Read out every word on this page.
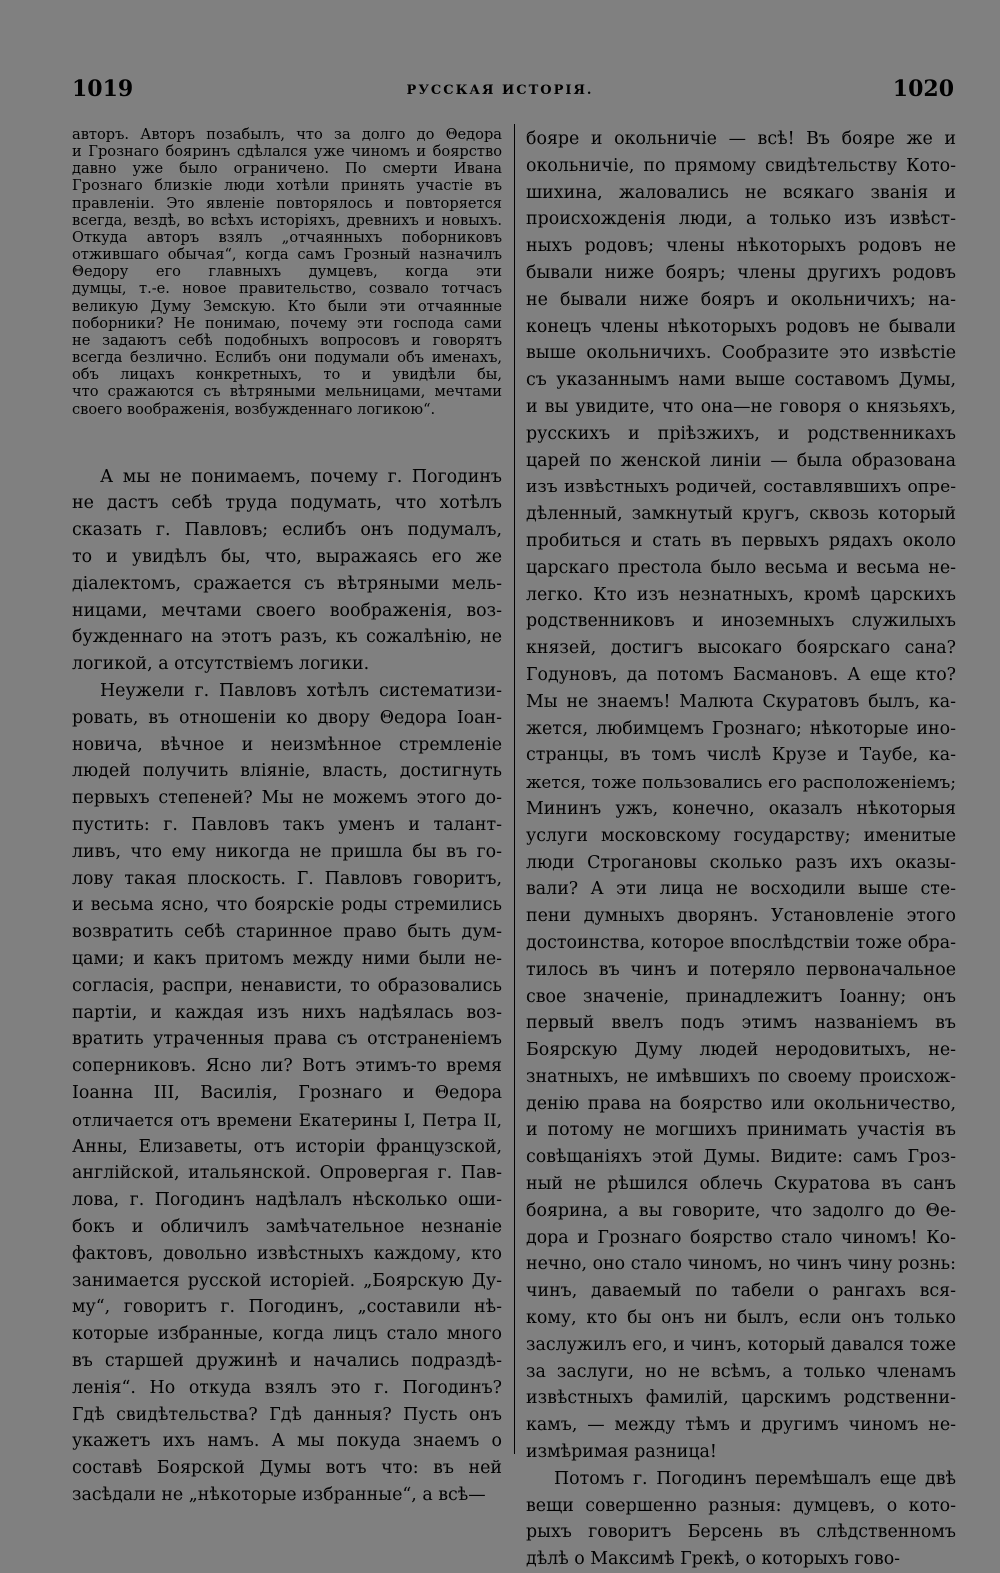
1019	РУССКАЯ ИСТОРІЯ.	1020
авторъ. Авторъ позабылъ, что за долго до Θедора
и Грознаго бояринъ сдѣлался уже чиномъ и боярство давно уже было ограничено. По смерти Ивана
Грознаго близкіе люди хотѣли принять участіе въ
правленіи. Это явленіе повторялось и повторяется
всегда, вездѣ, во всѣхъ исторіяхъ, древнихъ и новыхъ. Откуда авторъ взялъ „отчаянныхъ поборниковъ отжившаго обычая“, когда самъ Грозный назначилъ Θедору его главныхъ думцевъ, когда эти
думцы, т.-е. новое правительство, созвало тотчасъ
великую Думу Земскую. Кто были эти отчаянные
поборники? Не понимаю, почему эти господа сами
не задаютъ себѣ подобныхъ вопросовъ и говорятъ
всегда безлично. Еслибъ они подумали объ именахъ, объ лицахъ конкретныхъ, то и увидѣли бы,
что сражаются съ вѣтряными мельницами, мечтами своего воображенія, возбужденнаго логикою“.
А мы не понимаемъ, почему г. Погодинъ
не дастъ себѣ труда подумать, что хотѣлъ
сказать г. Павловъ; еслибъ онъ подумалъ,
то и увидѣлъ бы, что, выражаясь его же
діалектомъ, сражается съ вѣтряными мель-
ницами, мечтами своего воображенія, воз-
бужденнаго на этотъ разъ, къ сожалѣнію, не
логикой, а отсутствіемъ логики.
Неужели г. Павловъ хотѣлъ систематизи-
ровать, въ отношеніи ко двору Θедора Іоан-
новича, вѣчное и неизмѣнное стремленіе
людей получить вліяніе, власть, достигнуть
первыхъ степеней? Мы не можемъ этого до-
пустить: г. Павловъ такъ уменъ и талант-
ливъ, что ему никогда не пришла бы въ го-
лову такая плоскость. Г. Павловъ говоритъ,
и весьма ясно, что боярскіе роды стремились
возвратить себѣ старинное право быть дум-
цами; и какъ притомъ между ними были не-
согласія, распри, ненависти, то образовались
партіи, и каждая изъ нихъ надѣялась воз-
вратить утраченныя права съ отстраненіемъ
соперниковъ. Ясно ли? Вотъ этимъ-то время
Іоанна III, Василія, Грознаго и Θедора
отличается отъ времени Екатерины I, Петра II,
Анны, Елизаветы, отъ исторіи французской,
англійской, итальянской. Опровергая г. Пав-
лова, г. Погодинъ надѣлалъ нѣсколько оши-
бокъ и обличилъ замѣчательное незнаніе
фактовъ, довольно извѣстныхъ каждому, кто
занимается русской исторіей. „Боярскую Ду-
му“, говоритъ г. Погодинъ, „составили нѣ-
которые избранные, когда лицъ стало много
въ старшей дружинѣ и начались подраздѣ-
ленія“. Но откуда взялъ это г. Погодинъ?
Гдѣ свидѣтельства? Гдѣ данныя? Пусть онъ
укажетъ ихъ намъ. А мы покуда знаемъ о
составѣ Боярской Думы вотъ что: въ ней
засѣдали не „нѣкоторые избранные“, а всѣ—
бояре и окольничіе — всѣ! Въ бояре же и
окольничіе, по прямому свидѣтельству Кото-
шихина, жаловались не всякаго званія и
происхожденія люди, а только изъ извѣст-
ныхъ родовъ; члены нѣкоторыхъ родовъ не
бывали ниже бояръ; члены другихъ родовъ
не бывали ниже бояръ и окольничихъ; на-
конецъ члены нѣкоторыхъ родовъ не бывали
выше окольничихъ. Сообразите это извѣстіе
съ указаннымъ нами выше составомъ Думы,
и вы увидите, что она—не говоря о князьяхъ,
русскихъ и пріѣзжихъ, и родственникахъ
царей по женской линіи — была образована
изъ извѣстныхъ родичей, составлявшихъ опре-
дѣленный, замкнутый кругъ, сквозь который
пробиться и стать въ первыхъ рядахъ около
царскаго престола было весьма и весьма не-
легко. Кто изъ незнатныхъ, кромѣ царскихъ
родственниковъ и иноземныхъ служилыхъ
князей, достигъ высокаго боярскаго сана?
Годуновъ, да потомъ Басмановъ. А еще кто?
Мы не знаемъ! Малюта Скуратовъ былъ, ка-
жется, любимцемъ Грознаго; нѣкоторые ино-
странцы, въ томъ числѣ Крузе и Таубе, ка-
жется, тоже пользовались его расположеніемъ;
Мининъ ужъ, конечно, оказалъ нѣкоторыя
услуги московскому государству; именитые
люди Строгановы сколько разъ ихъ оказы-
вали? А эти лица не восходили выше сте-
пени думныхъ дворянъ. Установленіе этого
достоинства, которое впослѣдствіи тоже обра-
тилось въ чинъ и потеряло первоначальное
свое значеніе, принадлежитъ Іоанну; онъ
первый ввелъ подъ этимъ названіемъ въ
Боярскую Думу людей неродовитыхъ, не-
знатныхъ, не имѣвшихъ по своему происхож-
денію права на боярство или окольничество,
и потому не могшихъ принимать участія въ
совѣщаніяхъ этой Думы. Видите: самъ Гроз-
ный не рѣшился облечь Скуратова въ санъ
боярина, а вы говорите, что задолго до Θе-
дора и Грознаго боярство стало чиномъ! Ко-
нечно, оно стало чиномъ, но чинъ чину рознь:
чинъ, даваемый по табели о рангахъ вся-
кому, кто бы онъ ни былъ, если онъ только
заслужилъ его, и чинъ, который давался тоже
за заслуги, но не всѣмъ, а только членамъ
извѣстныхъ фамилій, царскимъ родственни-
камъ, — между тѣмъ и другимъ чиномъ не-
измѣримая разница!
Потомъ г. Погодинъ перемѣшалъ еще двѣ
вещи совершенно разныя: думцевъ, о кото-
рыхъ говоритъ Берсень въ слѣдственномъ
дѣлѣ о Максимѣ Грекѣ, о которыхъ гово-
